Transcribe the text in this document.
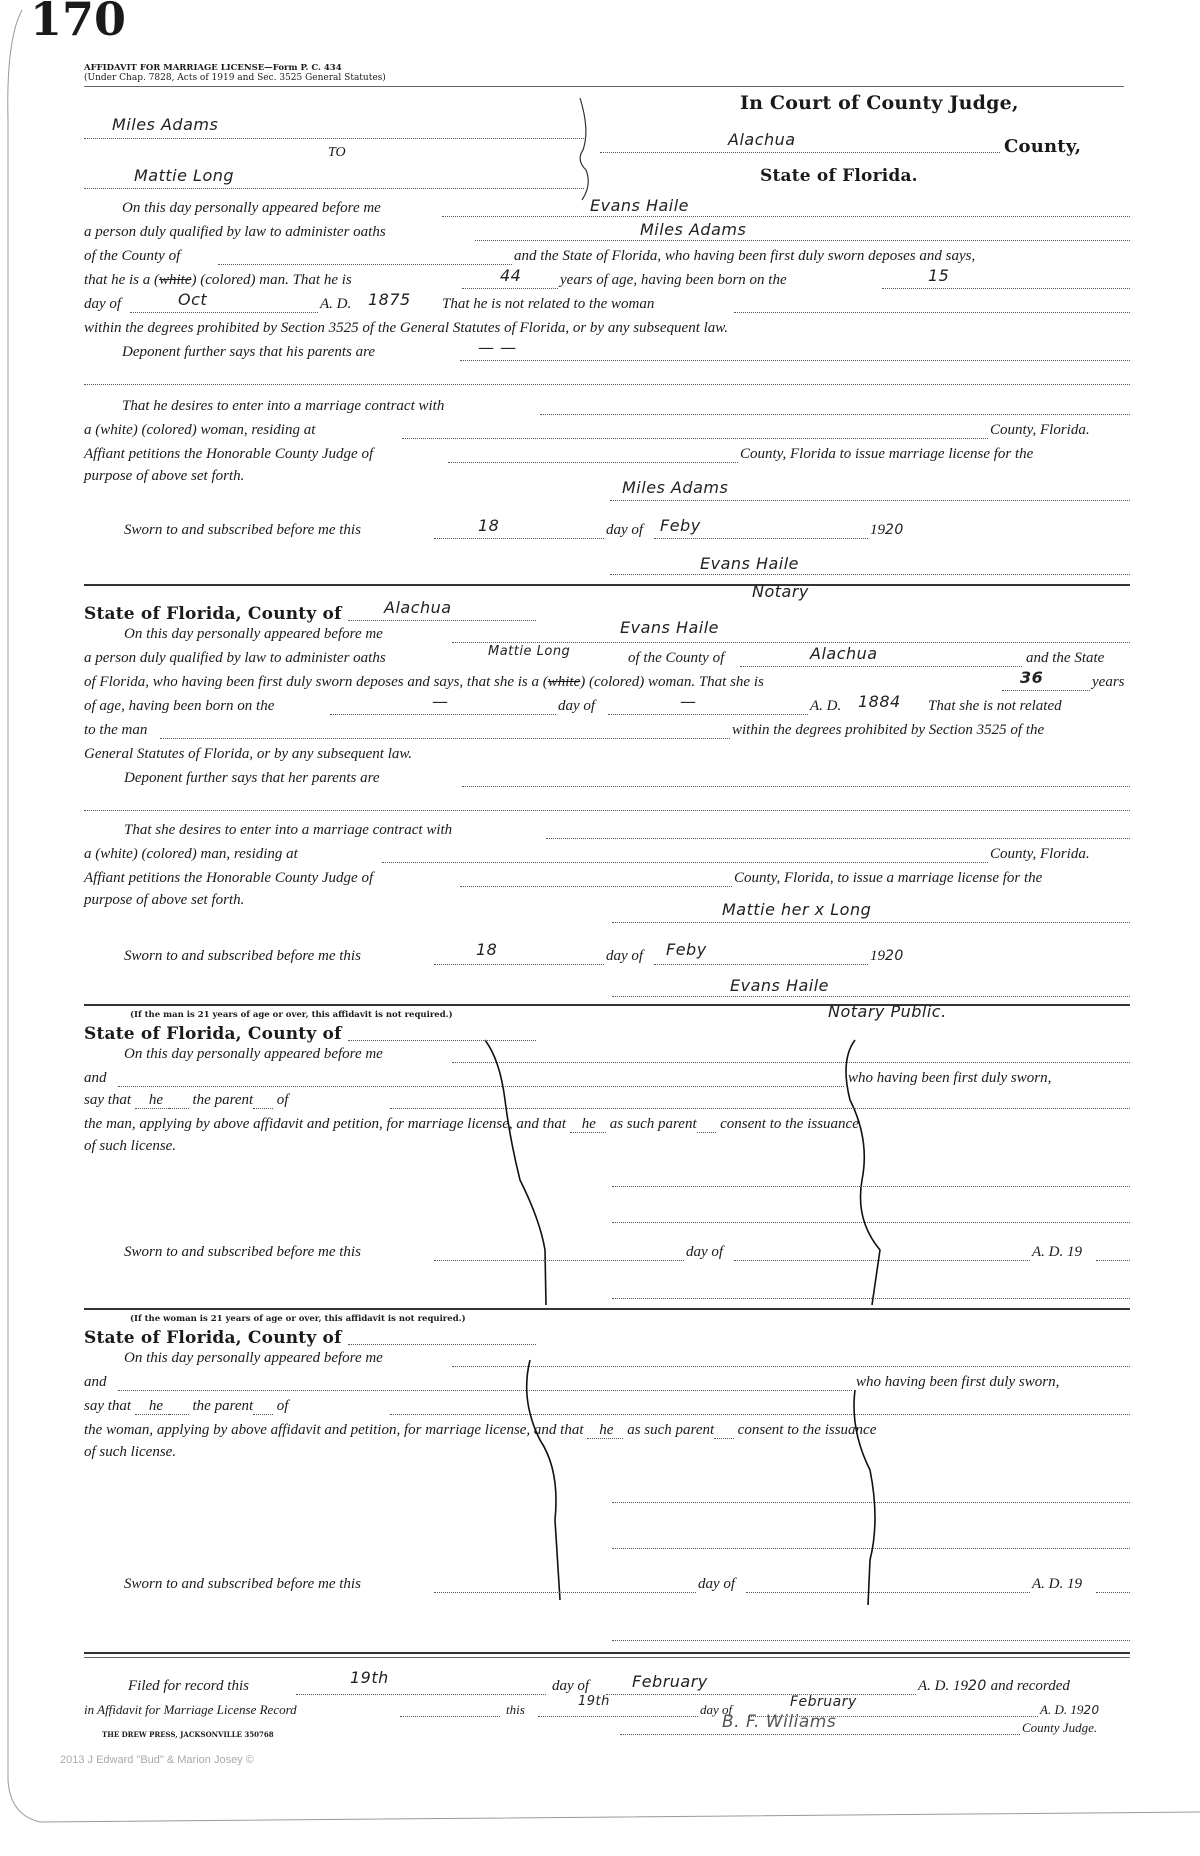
170
AFFIDAVIT FOR MARRIAGE LICENSE—Form P. C. 434
(Under Chap. 7828, Acts of 1919 and Sec. 3525 General Statutes)
Miles Adams
TO
Mattie Long
In Court of County Judge,
Alachua	County,
State of Florida.
On this day personally appeared before me	Evans Haile
a person duly qualified by law to administer oaths	Miles Adams
of the County of	and the State of Florida, who having been first duly sworn deposes and says,
that he is a (white) (colored) man. That he is	44	years of age, having been born on the	15
day of	Oct	A. D. 1875 That he is not related to the woman
within the degrees prohibited by Section 3525 of the General Statutes of Florida, or by any subsequent law.
Deponent further says that his parents are	— —
That he desires to enter into a marriage contract with
a (white) (colored) woman, residing at	County, Florida.
Affiant petitions the Honorable County Judge of	County, Florida to issue marriage license for the
purpose of above set forth.
Miles Adams
Sworn to and subscribed before me this	18	day of Feby	1920
Evans Haile
Notary
State of Florida, County of	Alachua
On this day personally appeared before me	Evans Haile
a person duly qualified by law to administer oaths	Mattie Long	of the County of	Alachua	and the State
of Florida, who having been first duly sworn deposes and says, that she is a (white) (colored) woman. That she is	36	years
of age, having been born on the	—	day of	—	A. D. 1884 That she is not related
to the man	within the degrees prohibited by Section 3525 of the
General Statutes of Florida, or by any subsequent law.
Deponent further says that her parents are
That she desires to enter into a marriage contract with
a (white) (colored) man, residing at	County, Florida.
Affiant petitions the Honorable County Judge of	County, Florida, to issue a marriage license for the
purpose of above set forth.	Mattie her x Long
Sworn to and subscribed before me this	18	day of Feby	1920
Evans Haile
Notary Public.
(If the man is 21 years of age or over, this affidavit is not required.)
State of Florida, County of
On this day personally appeared before me
and	who having been first duly sworn,
say that he the parent of
the man, applying by above affidavit and petition, for marriage license, and that he as such parent consent to the issuance
of such license.
Sworn to and subscribed before me this	day of	A. D. 19
(If the woman is 21 years of age or over, this affidavit is not required.)
State of Florida, County of
On this day personally appeared before me
and	who having been first duly sworn,
say that he the parent of
the woman, applying by above affidavit and petition, for marriage license, and that he as such parent consent to the issuance
of such license.
Sworn to and subscribed before me this	day of	A. D. 19
Filed for record this	19th	day of	February	A. D. 1920 and recorded
in Affidavit for Marriage License Record	this
19th
day of	February	A. D. 1920
B. F. Wiliams	County Judge.
THE DREW PRESS, JACKSONVILLE 350768
2013 J Edward "Bud" & Marion Josey ©
